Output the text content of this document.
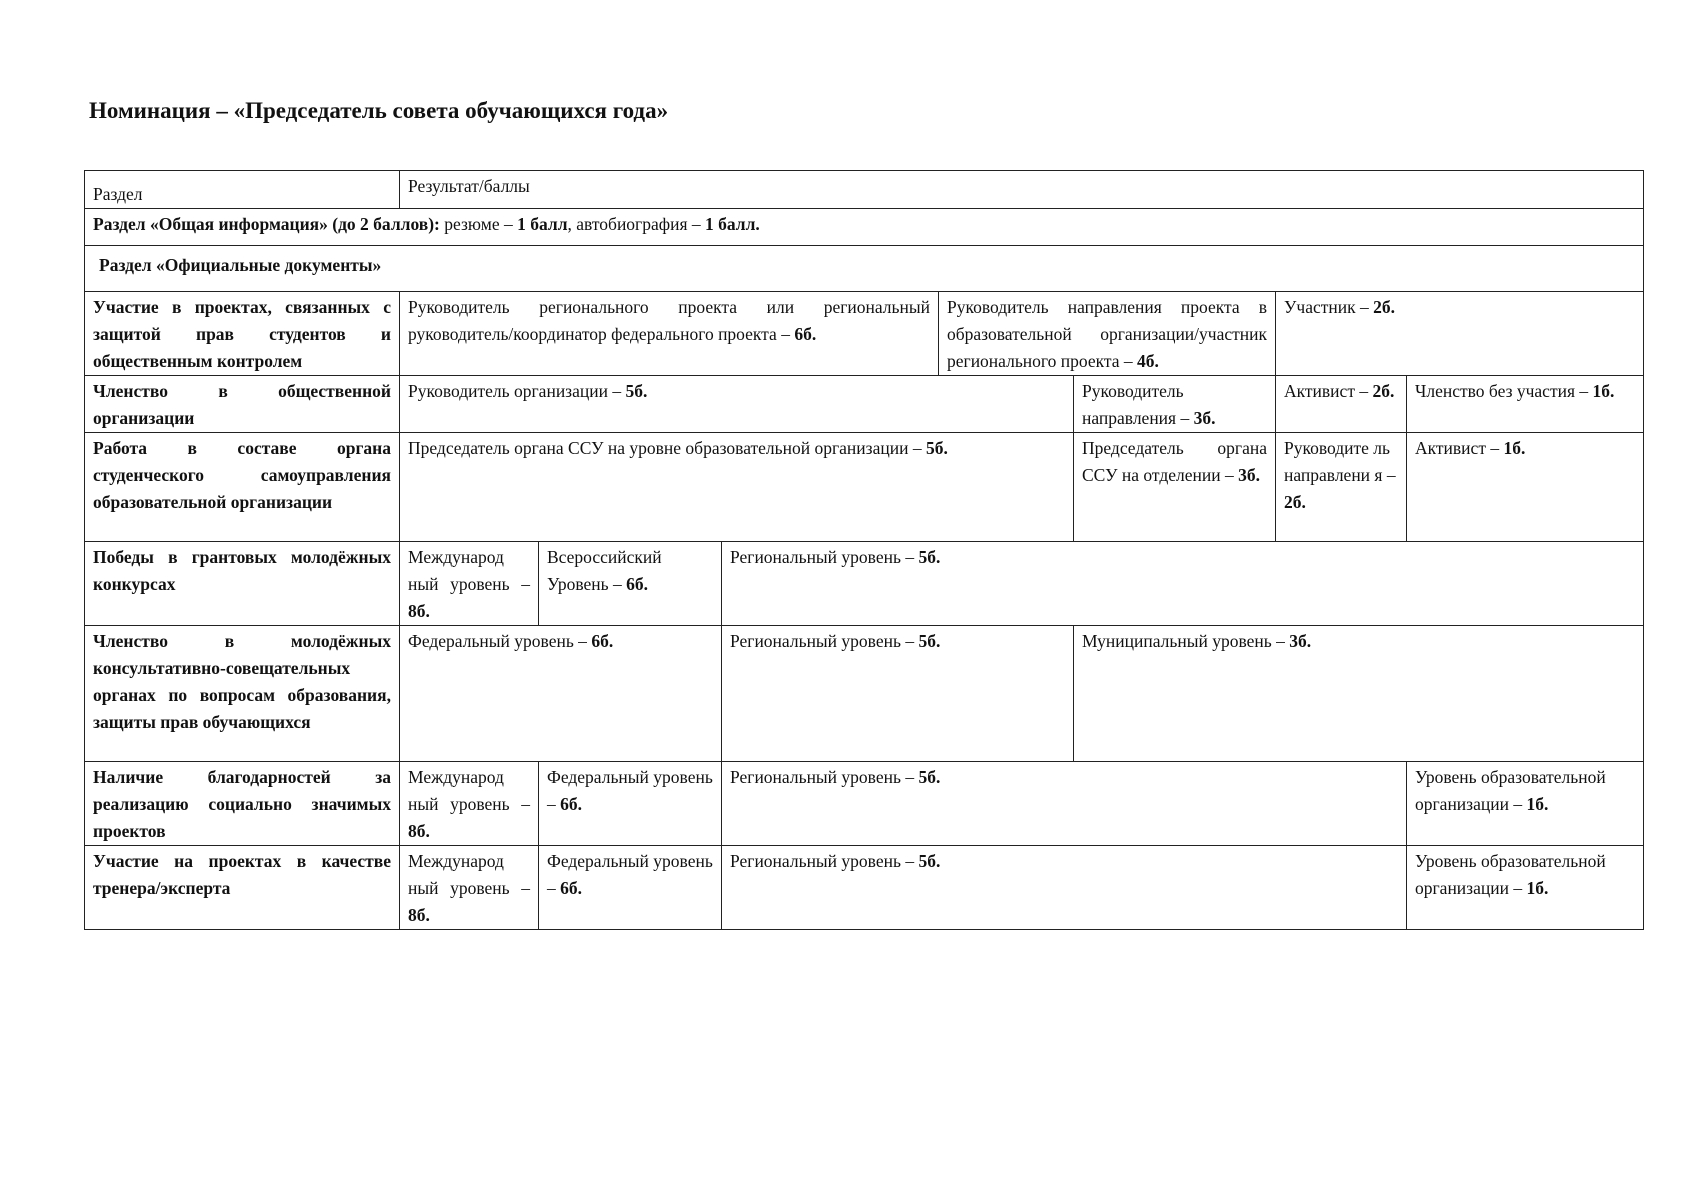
Номинация – «Председатель совета обучающихся года»
Раздел	Результат/баллы						
Раздел «Общая информация» (до 2 баллов): резюме – 1 балл, автобиография – 1 балл.							
Раздел «Официальные документы»							
Участие в проектах, связанных с защитой прав студентов и общественным контролем	Руководитель регионального проекта или региональный руководитель/координатор федерального проекта – 6б.			Руководитель направления проекта в образовательной организации/участник регионального проекта – 4б.		Участник – 2б.	
Членство в общественной организации	Руководитель организации – 5б.				Руководитель направления – 3б.	Активист – 2б.	Членство без участия – 1б.
Работа в составе органа студенческого самоуправления образовательной организации	Председатель органа ССУ на уровне образовательной организации – 5б.				Председатель органа ССУ на отделении – 3б.	Руководите ль направлени я – 2б.	Активист – 1б.
Победы в грантовых молодёжных конкурсах	Международ ный уровень – 8б.	Всероссийский Уровень – 6б.	Региональный уровень – 5б.				
Членство в молодёжных консультативно-совещательных органах по вопросам образования, защиты прав обучающихся	Федеральный уровень – 6б.		Региональный уровень – 5б.		Муниципальный уровень – 3б.		
Наличие благодарностей за реализацию социально значимых проектов	Международ ный уровень – 8б.	Федеральный уровень – 6б.	Региональный уровень – 5б.				Уровень образовательной организации – 1б.
Участие на проектах в качестве тренера/эксперта	Международ ный уровень – 8б.	Федеральный уровень – 6б.	Региональный уровень – 5б.				Уровень образовательной организации – 1б.
